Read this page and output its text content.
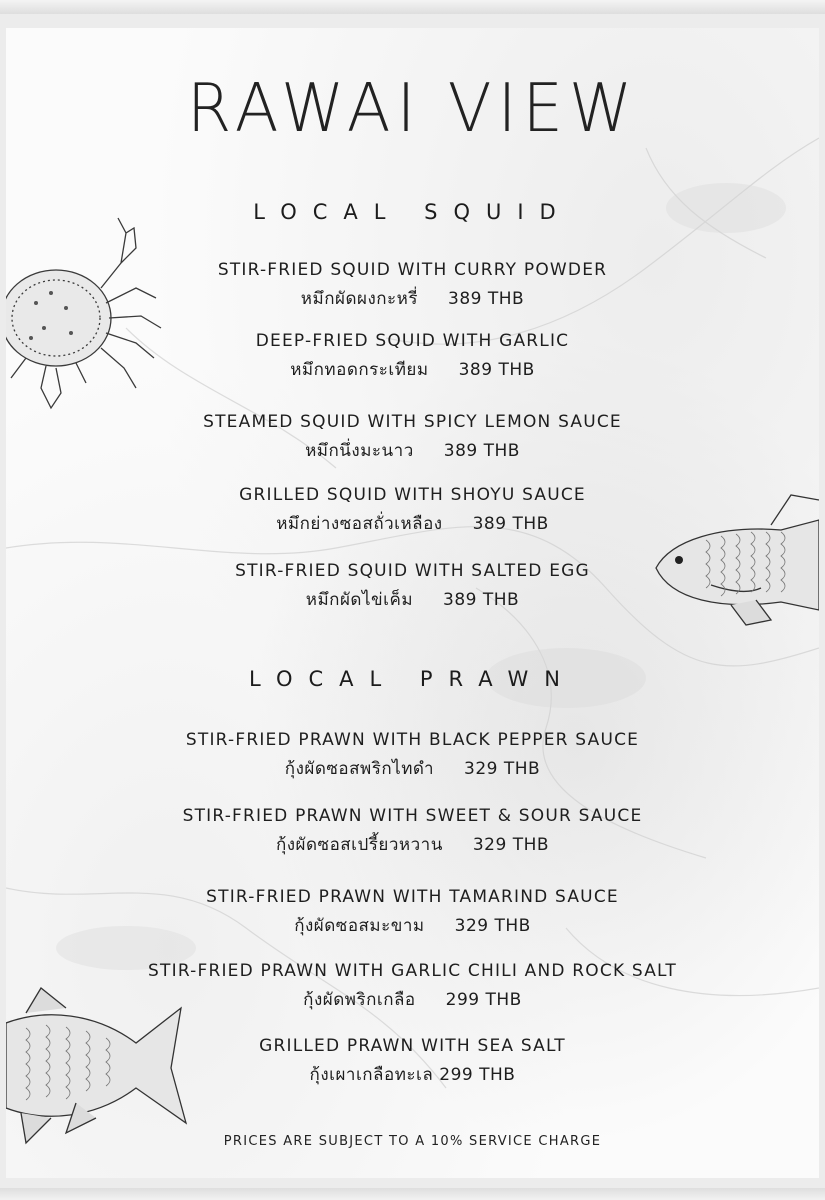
RAWAI VIEW
LOCAL SQUID
STIR-FRIED SQUID WITH CURRY POWDER
หมึกผัดผงกะหรี่ 389 THB
DEEP-FRIED SQUID WITH GARLIC
หมึกทอดกระเทียม 389 THB
STEAMED SQUID WITH SPICY LEMON SAUCE
หมึกนึ่งมะนาว 389 THB
GRILLED SQUID WITH SHOYU SAUCE
หมึกย่างซอสถั่วเหลือง 389 THB
STIR-FRIED SQUID WITH SALTED EGG
หมึกผัดไข่เค็ม 389 THB
LOCAL PRAWN
STIR-FRIED PRAWN WITH BLACK PEPPER SAUCE
กุ้งผัดซอสพริกไทดำ 329 THB
STIR-FRIED PRAWN WITH SWEET & SOUR SAUCE
กุ้งผัดซอสเปรี้ยวหวาน 329 THB
STIR-FRIED PRAWN WITH TAMARIND SAUCE
กุ้งผัดซอสมะขาม 329 THB
STIR-FRIED PRAWN WITH GARLIC CHILI AND ROCK SALT
กุ้งผัดพริกเกลือ 299 THB
GRILLED PRAWN WITH SEA SALT
กุ้งเผาเกลือทะเล 299 THB
PRICES ARE SUBJECT TO A 10% SERVICE CHARGE
